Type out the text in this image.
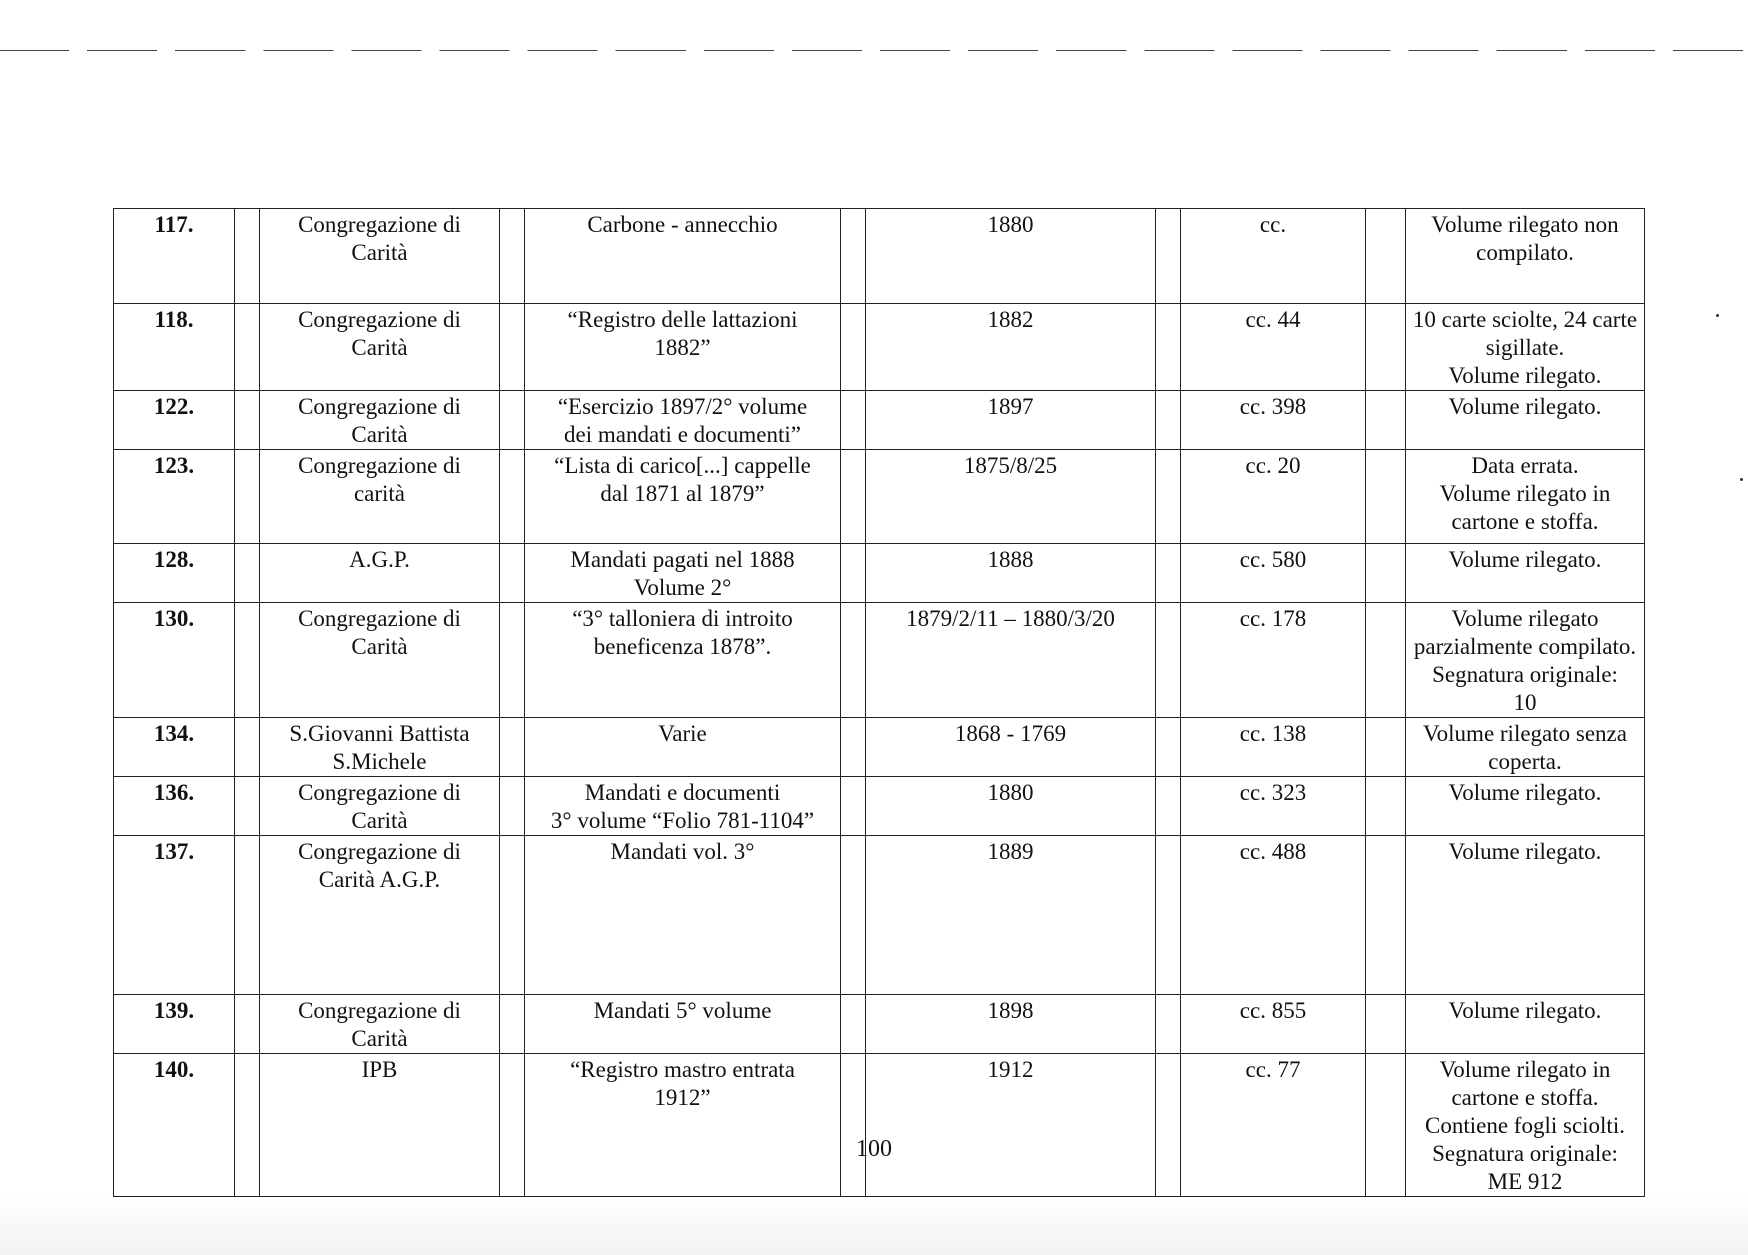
117.		Congregazione di
Carità		Carbone - annecchio		1880		cc.		Volume rilegato non
compilato.

118.		Congregazione di
Carità		“Registro delle lattazioni
1882”		1882		cc. 44		10 carte sciolte, 24 carte
sigillate.
Volume rilegato.

122.		Congregazione di
Carità		“Esercizio 1897/2° volume
dei mandati e documenti”		1897		cc. 398		Volume rilegato.

123.		Congregazione di
carità		“Lista di carico[...] cappelle
dal 1871 al 1879”		1875/8/25		cc. 20		Data errata.
Volume rilegato in
cartone e stoffa.

128.		A.G.P.		Mandati pagati nel 1888
Volume 2°		1888		cc. 580		Volume rilegato.

130.		Congregazione di
Carità		“3° talloniera di introito
beneficenza 1878”.		1879/2/11 – 1880/3/20		cc. 178		Volume rilegato
parzialmente compilato.
Segnatura originale:
10

134.		S.Giovanni Battista
S.Michele		Varie		1868 - 1769		cc. 138		Volume rilegato senza
coperta.

136.		Congregazione di
Carità		Mandati e documenti
3° volume “Folio 781-1104”		1880		cc. 323		Volume rilegato.

137.		Congregazione di
Carità A.G.P.		Mandati vol. 3°		1889		cc. 488		Volume rilegato.

139.		Congregazione di
Carità		Mandati 5° volume		1898		cc. 855		Volume rilegato.

140.		IPB		“Registro mastro entrata
1912”		1912		cc. 77		Volume rilegato in
cartone e stoffa.
Contiene fogli sciolti.
Segnatura originale:
ME 912
100
